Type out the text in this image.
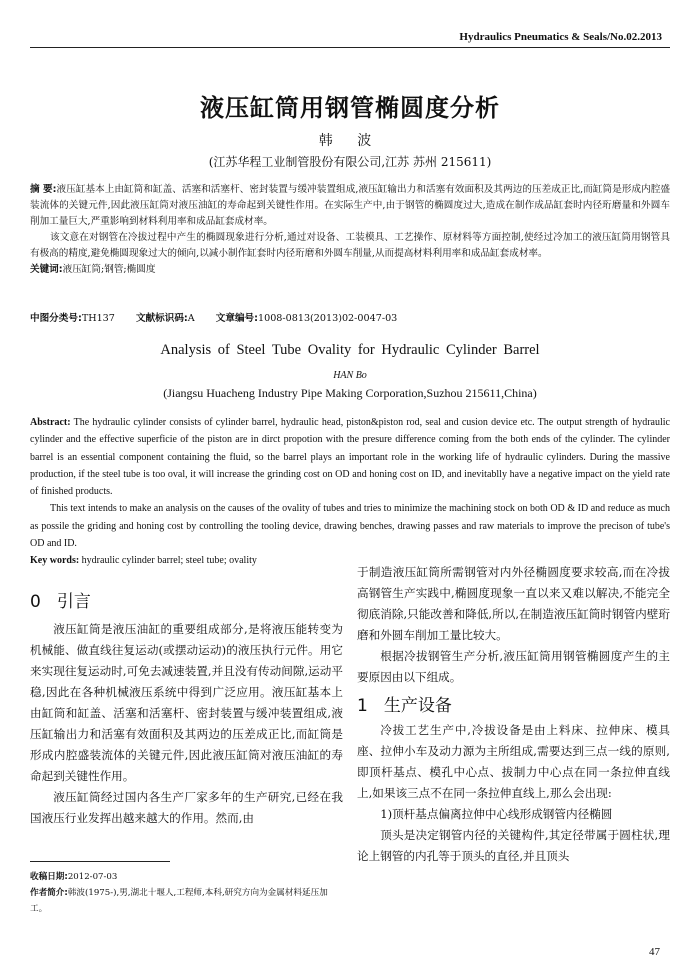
Hydraulics Pneumatics & Seals/No.02.2013
液压缸筒用钢管椭圆度分析
韩 波
(江苏华程工业制管股份有限公司,江苏 苏州 215611)

摘 要:液压缸基本上由缸筒和缸盖、活塞和活塞杆、密封装置与缓冲装置组成,液压缸输出力和活塞有效面积及其两边的压差成正比,而缸筒是形成内腔盛装流体的关键元件,因此液压缸筒对液压油缸的寿命起到关键性作用。在实际生产中,由于钢管的椭圆度过大,造成在制作成品缸套时内径珩磨量和外圆车削加工量巨大,严重影响到材料利用率和成品缸套成材率。

该文意在对钢管在冷拔过程中产生的椭圆现象进行分析,通过对设备、工装模具、工艺操作、原材料等方面控制,使经过冷加工的液压缸筒用钢管具有极高的精度,避免椭圆现象过大的倾向,以减小制作缸套时内径珩磨和外圆车削量,从而提高材料利用率和成品缸套成材率。

关键词:液压缸筒;钢管;椭圆度

中图分类号:TH137 文献标识码:A 文章编号:1008-0813(2013)02-0047-03
Analysis of Steel Tube Ovality for Hydraulic Cylinder Barrel
HAN Bo
(Jiangsu Huacheng Industry Pipe Making Corporation,Suzhou 215611,China)

Abstract: The hydraulic cylinder consists of cylinder barrel, hydraulic head, piston&piston rod, seal and cusion device etc. The output strength of hydraulic cylinder and the effective superficie of the piston are in dirct propotion with the presure difference coming from the both ends of the cylinder. The cylinder barrel is an essential component containing the fluid, so the barrel plays an important role in the working life of hydraulic cylinders. During the massive production, if the steel tube is too oval, it will increase the grinding cost on OD and honing cost on ID, and inevitablly have a negative impact on the yield rate of finished products.

This text intends to make an analysis on the causes of the ovality of tubes and tries to minimize the machining stock on both OD & ID and reduce as much as possile the griding and honing cost by controlling the tooling device, drawing benches, drawing passes and raw materials to improve the precison of tube's OD and ID.

Key words: hydraulic cylinder barrel; steel tube; ovality

0 引言

液压缸筒是液压油缸的重要组成部分,是将液压能转变为机械能、做直线往复运动(或摆动运动)的液压执行元件。用它来实现往复运动时,可免去减速装置,并且没有传动间隙,运动平稳,因此在各种机械液压系统中得到广泛应用。液压缸基本上由缸筒和缸盖、活塞和活塞杆、密封装置与缓冲装置组成,液压缸输出力和活塞有效面积及其两边的压差成正比,而缸筒是形成内腔盛装流体的关键元件,因此液压缸筒对液压油缸的寿命起到关键性作用。

液压缸筒经过国内各生产厂家多年的生产研究,已经在我国液压行业发挥出越来越大的作用。然而,由

于制造液压缸筒所需钢管对内外径椭圆度要求较高,而在冷拔高钢管生产实践中,椭圆度现象一直以来又难以解决,不能完全彻底消除,只能改善和降低,所以,在制造液压缸筒时钢管内壁珩磨和外圆车削加工量比较大。

根据冷拔钢管生产分析,液压缸筒用钢管椭圆度产生的主要原因由以下组成。

1 生产设备

冷拔工艺生产中,冷拔设备是由上料床、拉伸床、模具座、拉伸小车及动力源为主所组成,需要达到三点一线的原则,即顶杆基点、模孔中心点、拔制力中心点在同一条拉伸直线上,如果该三点不在同一条拉伸直线上,那么会出现:

1)顶杆基点偏离拉伸中心线形成钢管内径椭圆

顶头是决定钢管内径的关键构件,其定径带属于圆柱状,理论上钢管的内孔等于顶头的直径,并且顶头

收稿日期:2012-07-03

作者简介:韩波(1975-),男,湖北十堰人,工程师,本科,研究方向为金属材料延压加工。

47
